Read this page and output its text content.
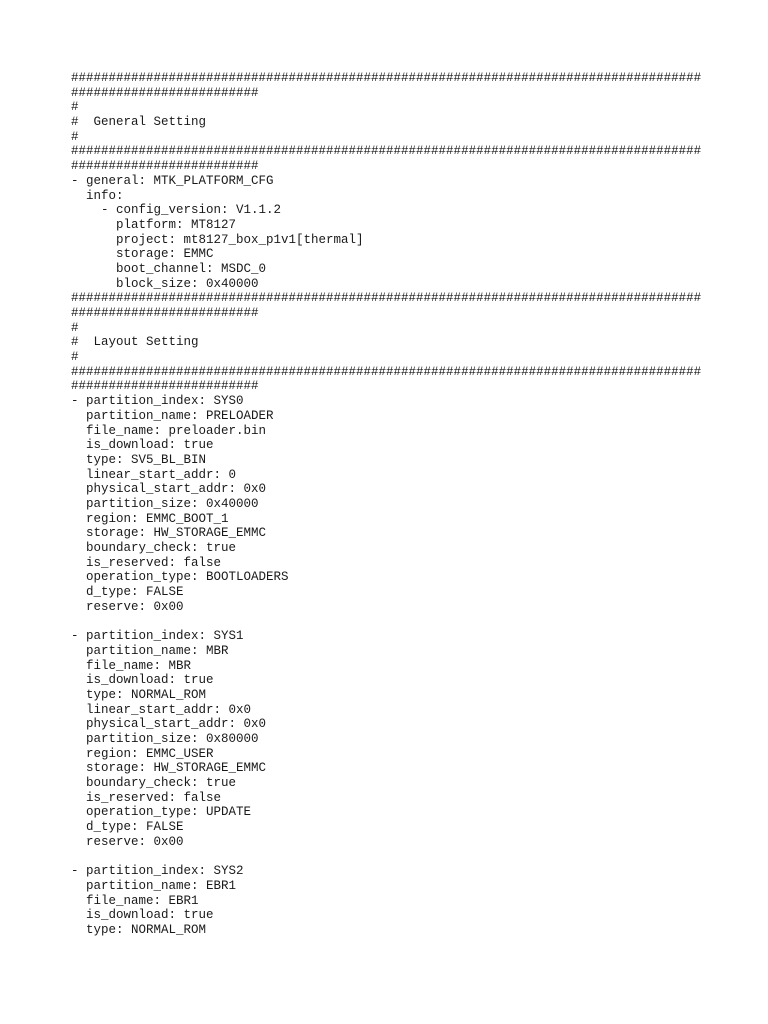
####################################################################################
#########################
#
#  General Setting
#
####################################################################################
#########################
- general: MTK_PLATFORM_CFG
info:
- config_version: V1.1.2
platform: MT8127
project: mt8127_box_p1v1[thermal]
storage: EMMC
boot_channel: MSDC_0
block_size: 0x40000
####################################################################################
#########################
#
#  Layout Setting
#
####################################################################################
#########################
- partition_index: SYS0
partition_name: PRELOADER
file_name: preloader.bin
is_download: true
type: SV5_BL_BIN
linear_start_addr: 0
physical_start_addr: 0x0
partition_size: 0x40000
region: EMMC_BOOT_1
storage: HW_STORAGE_EMMC
boundary_check: true
is_reserved: false
operation_type: BOOTLOADERS
d_type: FALSE
reserve: 0x00
- partition_index: SYS1
partition_name: MBR
file_name: MBR
is_download: true
type: NORMAL_ROM
linear_start_addr: 0x0
physical_start_addr: 0x0
partition_size: 0x80000
region: EMMC_USER
storage: HW_STORAGE_EMMC
boundary_check: true
is_reserved: false
operation_type: UPDATE
d_type: FALSE
reserve: 0x00
- partition_index: SYS2
partition_name: EBR1
file_name: EBR1
is_download: true
type: NORMAL_ROM
